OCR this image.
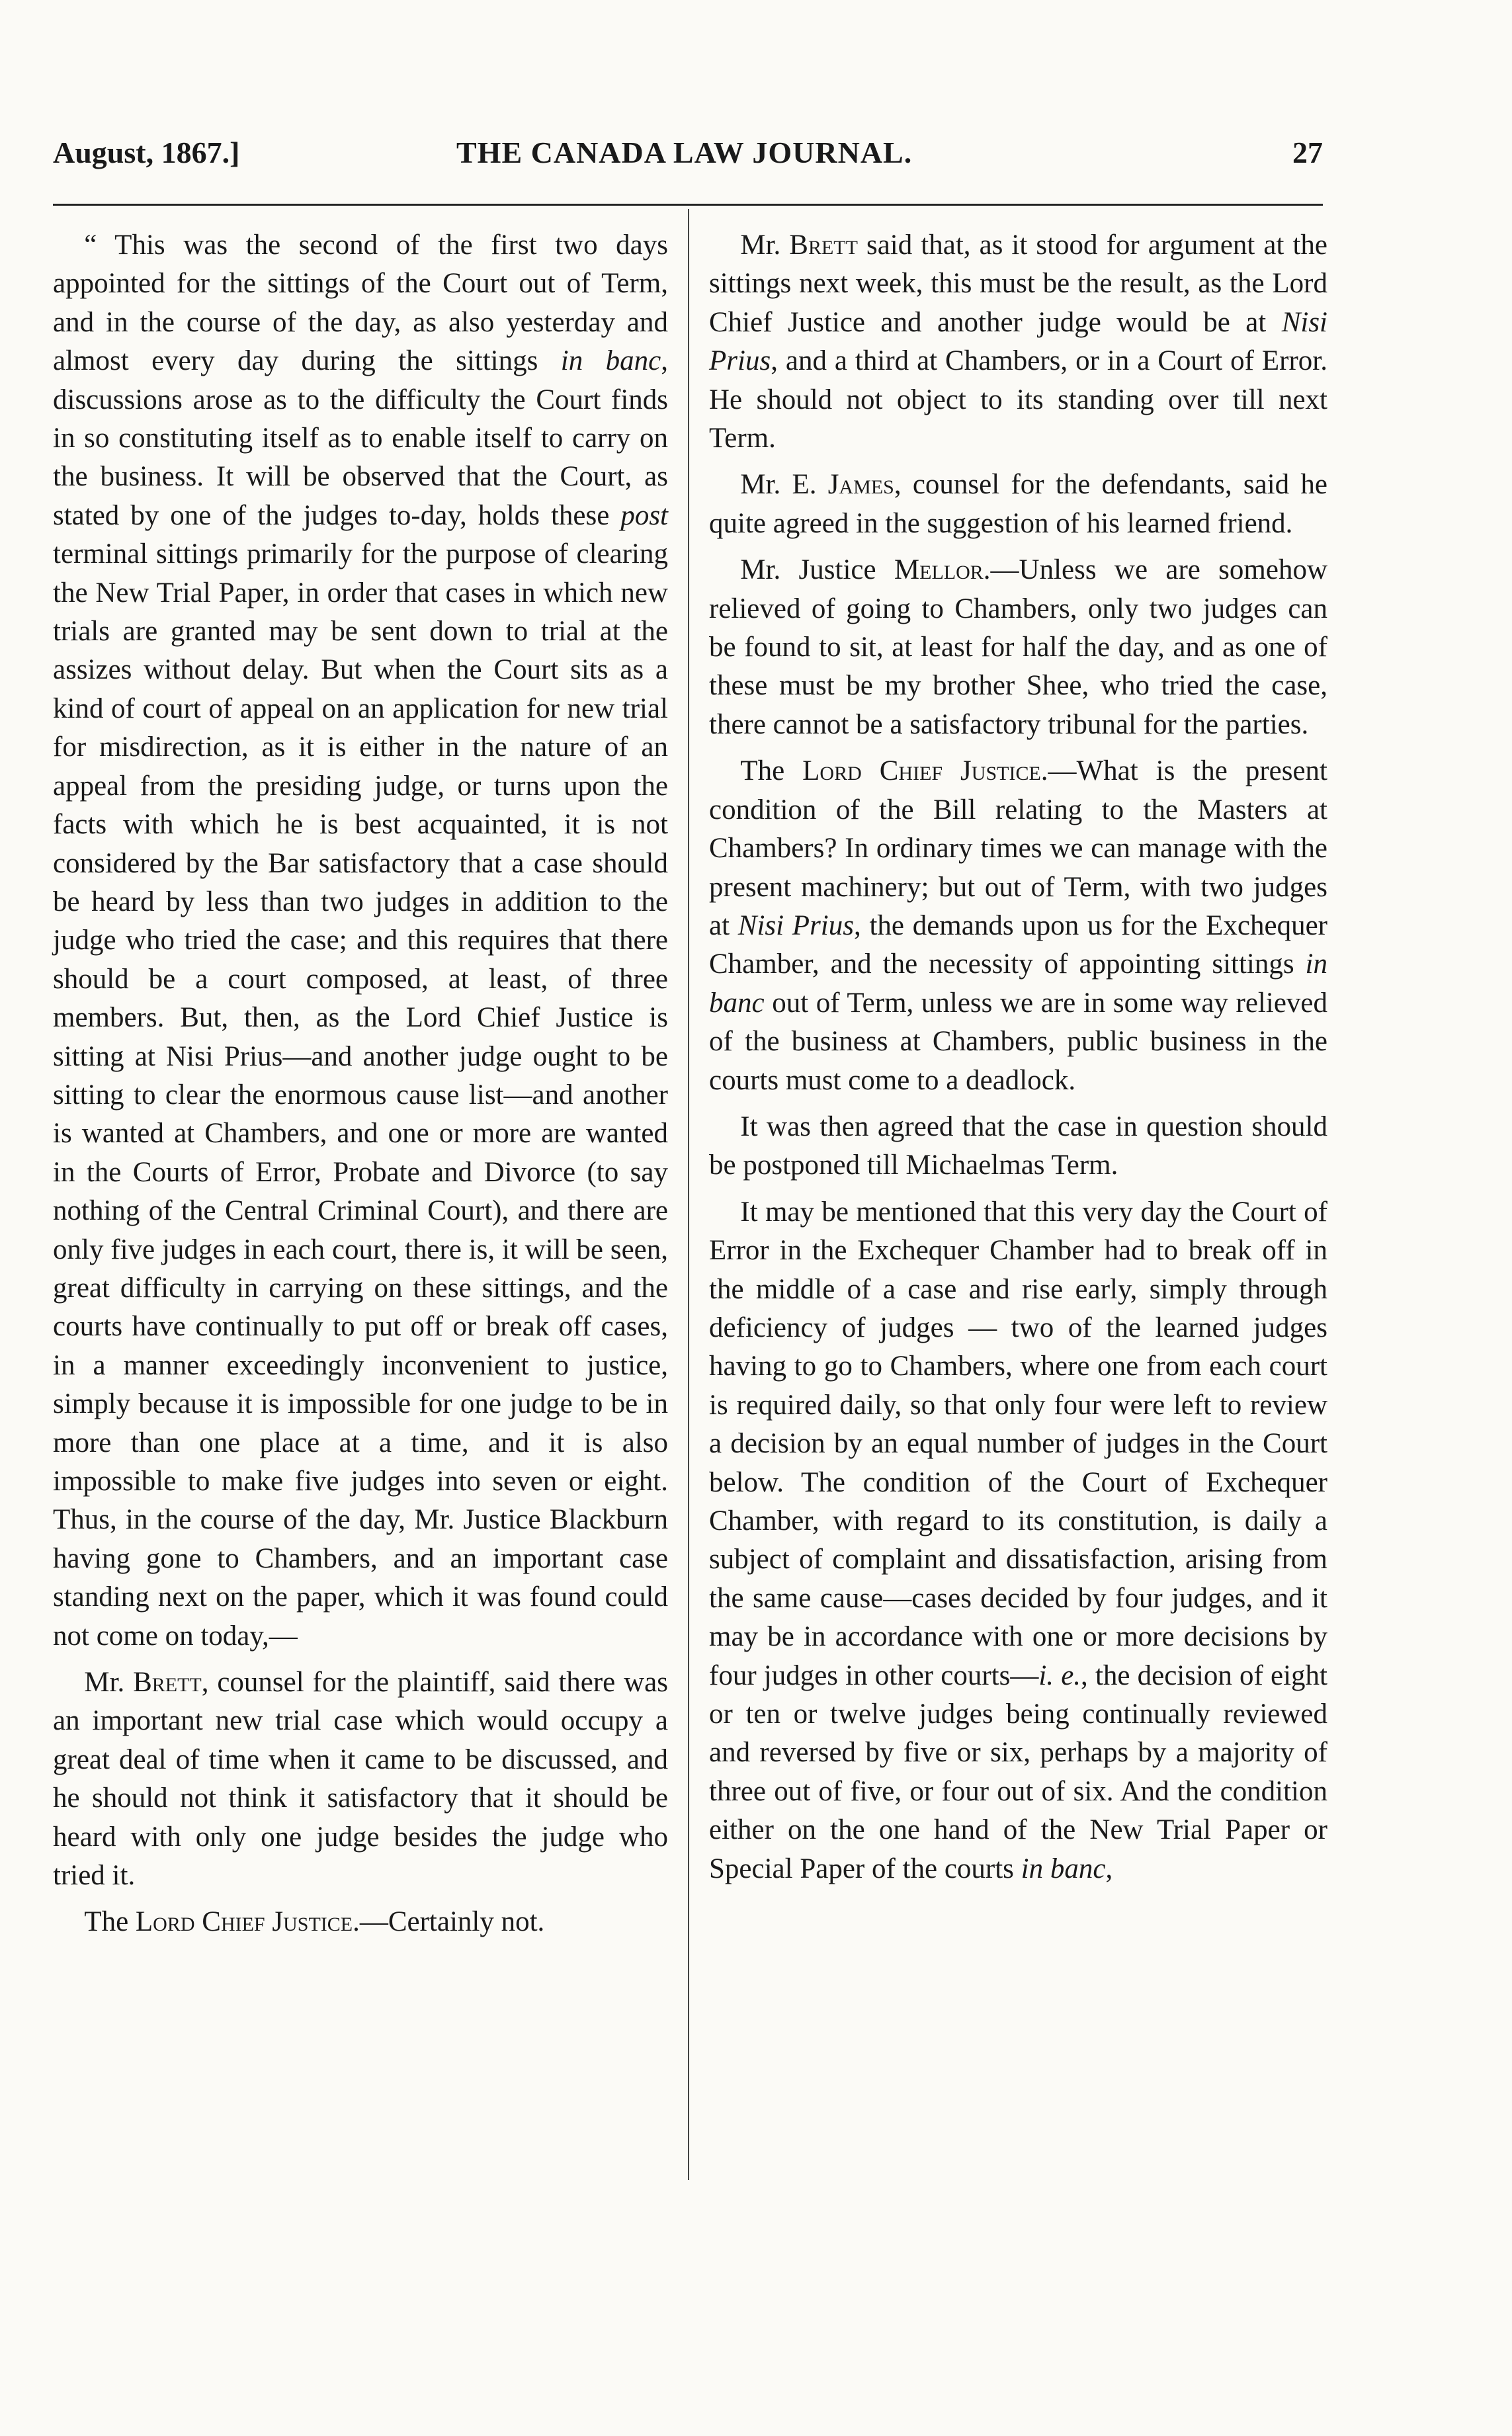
August, 1867.]	THE CANADA LAW JOURNAL.	27

“ This was the second of the first two days appointed for the sittings of the Court out of Term, and in the course of the day, as also yesterday and almost every day during the sittings in banc, discussions arose as to the difficulty the Court finds in so constituting itself as to enable itself to carry on the business. It will be observed that the Court, as stated by one of the judges to-day, holds these post terminal sittings primarily for the purpose of clearing the New Trial Paper, in order that cases in which new trials are granted may be sent down to trial at the assizes without delay. But when the Court sits as a kind of court of appeal on an application for new trial for misdirection, as it is either in the nature of an appeal from the presiding judge, or turns upon the facts with which he is best acquainted, it is not considered by the Bar satisfactory that a case should be heard by less than two judges in addition to the judge who tried the case; and this requires that there should be a court composed, at least, of three members. But, then, as the Lord Chief Justice is sitting at Nisi Prius—and another judge ought to be sitting to clear the enormous cause list—and another is wanted at Chambers, and one or more are wanted in the Courts of Error, Probate and Divorce (to say nothing of the Central Criminal Court), and there are only five judges in each court, there is, it will be seen, great difficulty in carrying on these sittings, and the courts have continually to put off or break off cases, in a manner exceedingly inconvenient to justice, simply because it is impossible for one judge to be in more than one place at a time, and it is also impossible to make five judges into seven or eight. Thus, in the course of the day, Mr. Justice Blackburn having gone to Chambers, and an important case standing next on the paper, which it was found could not come on today,—

Mr. Brett, counsel for the plaintiff, said there was an important new trial case which would occupy a great deal of time when it came to be discussed, and he should not think it satisfactory that it should be heard with only one judge besides the judge who tried it.

The Lord Chief Justice.—Certainly not.

Mr. Brett said that, as it stood for argument at the sittings next week, this must be the result, as the Lord Chief Justice and another judge would be at Nisi Prius, and a third at Chambers, or in a Court of Error. He should not object to its standing over till next Term.

Mr. E. James, counsel for the defendants, said he quite agreed in the suggestion of his learned friend.

Mr. Justice Mellor.—Unless we are somehow relieved of going to Chambers, only two judges can be found to sit, at least for half the day, and as one of these must be my brother Shee, who tried the case, there cannot be a satisfactory tribunal for the parties.

The Lord Chief Justice.—What is the present condition of the Bill relating to the Masters at Chambers? In ordinary times we can manage with the present machinery; but out of Term, with two judges at Nisi Prius, the demands upon us for the Exchequer Chamber, and the necessity of appointing sittings in banc out of Term, unless we are in some way relieved of the business at Chambers, public business in the courts must come to a deadlock.

It was then agreed that the case in question should be postponed till Michaelmas Term.

It may be mentioned that this very day the Court of Error in the Exchequer Chamber had to break off in the middle of a case and rise early, simply through deficiency of judges — two of the learned judges having to go to Chambers, where one from each court is required daily, so that only four were left to review a decision by an equal number of judges in the Court below. The condition of the Court of Exchequer Chamber, with regard to its constitution, is daily a subject of complaint and dissatisfaction, arising from the same cause—cases decided by four judges, and it may be in accordance with one or more decisions by four judges in other courts—i. e., the decision of eight or ten or twelve judges being continually reviewed and reversed by five or six, perhaps by a majority of three out of five, or four out of six. And the condition either on the one hand of the New Trial Paper or Special Paper of the courts in banc,
